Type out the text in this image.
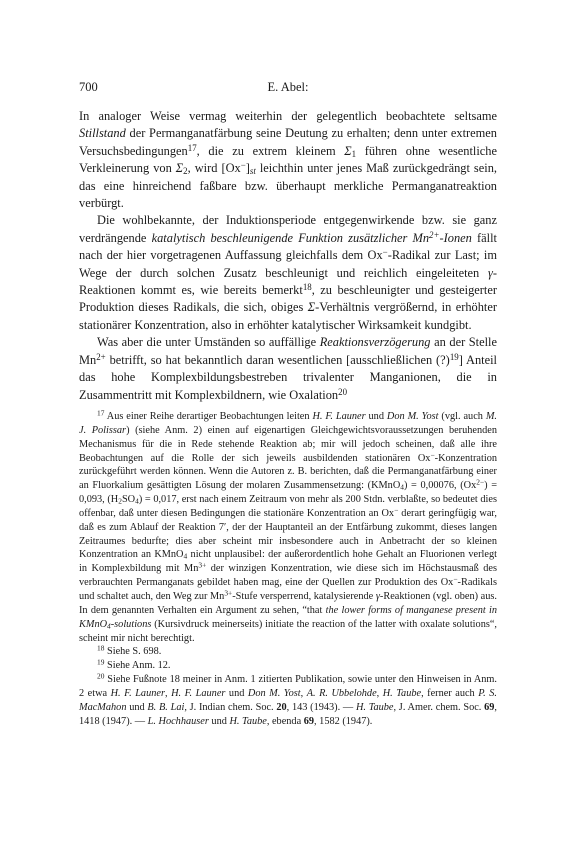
700	E. Abel:

In analoger Weise vermag weiterhin der gelegentlich beobachtete seltsame Stillstand der Permanganatfärbung seine Deutung zu erhalten; denn unter extremen Versuchsbedingungen$^{17}$, die zu extrem kleinem $\Sigma_1$ führen ohne wesentliche Verkleinerung von $\Sigma_2$, wird $[Ox^-]_{st}$ leichthin unter jenes Maß zurückgedrängt sein, das eine hinreichend faßbare bzw. überhaupt merkliche Permanganatreaktion verbürgt.

Die wohlbekannte, der Induktionsperiode entgegenwirkende bzw. sie ganz verdrängende katalytisch beschleunigende Funktion zusätzlicher $Mn^{2+}$-Ionen fällt nach der hier vorgetragenen Auffassung gleichfalls dem Ox−-Radikal zur Last; im Wege der durch solchen Zusatz beschleunigt und reichlich eingeleiteten γ-Reaktionen kommt es, wie bereits bemerkt$^{18}$, zu beschleunigter und gesteigerter Produktion dieses Radikals, die sich, obiges Σ-Verhältnis vergrößernd, in erhöhter stationärer Konzentration, also in erhöhter katalytischer Wirksamkeit kundgibt.

Was aber die unter Umständen so auffällige Reaktionsverzögerung an der Stelle $Mn^{2+}$ betrifft, so hat bekanntlich daran wesentlichen [ausschließlichen (?)$^{19}$] Anteil das hohe Komplexbildungsbestreben trivalenter Manganionen, die in Zusammentritt mit Komplexbildnern, wie Oxalation$^{20}$

$^{17}$ Aus einer Reihe derartiger Beobachtungen leiten H. F. Launer und Don M. Yost (vgl. auch M. J. Polissar) (siehe Anm. 2) einen auf eigenartigen Gleichgewichtsvoraussetzungen beruhenden Mechanismus für die in Rede stehende Reaktion ab; mir will jedoch scheinen, daß alle ihre Beobachtungen auf die Rolle der sich jeweils ausbildenden stationären Ox−-Konzentration zurückgeführt werden können. Wenn die Autoren z. B. berichten, daß die Permanganatfärbung einer an Fluorkalium gesättigten Lösung der molaren Zusammensetzung: (KMnO$_4$) = 0,00076, $(Ox^{2-}) = 0,093$, $(H_2SO_4) = 0,017$, erst nach einem Zeitraum von mehr als 200 Stdn. verblaßte, so bedeutet dies offenbar, daß unter diesen Bedingungen die stationäre Konzentration an Ox− derart geringfügig war, daß es zum Ablauf der Reaktion 7′, der der Hauptanteil an der Entfärbung zukommt, dieses langen Zeitraumes bedurfte; dies aber scheint mir insbesondere auch in Anbetracht der so kleinen Konzentration an KMnO$_4$ nicht unplausibel: der außerordentlich hohe Gehalt an Fluorionen verlegt in Komplexbildung mit $Mn^{3+}$ der winzigen Konzentration, wie diese sich im Höchstausmaß des verbrauchten Permanganats gebildet haben mag, eine der Quellen zur Produktion des Ox−-Radikals und schaltet auch, den Weg zur $Mn^{3+}$-Stufe versperrend, katalysierende γ-Reaktionen (vgl. oben) aus. In dem genannten Verhalten ein Argument zu sehen, “that the lower forms of manganese present in KMnO$_4$-solutions (Kursivdruck meinerseits) initiate the reaction of the latter with oxalate solutions“, scheint mir nicht berechtigt.

$^{18}$ Siehe S. 698.

$^{19}$ Siehe Anm. 12.

$^{20}$ Siehe Fußnote 18 meiner in Anm. 1 zitierten Publikation, sowie unter den Hinweisen in Anm. 2 etwa H. F. Launer, H. F. Launer und Don M. Yost, A. R. Ubbelohde, H. Taube, ferner auch P. S. MacMahon und B. B. Lai, J. Indian chem. Soc. 20, 143 (1943). — H. Taube, J. Amer. chem. Soc. 69, 1418 (1947). — L. Hochhauser und H. Taube, ebenda 69, 1582 (1947).
